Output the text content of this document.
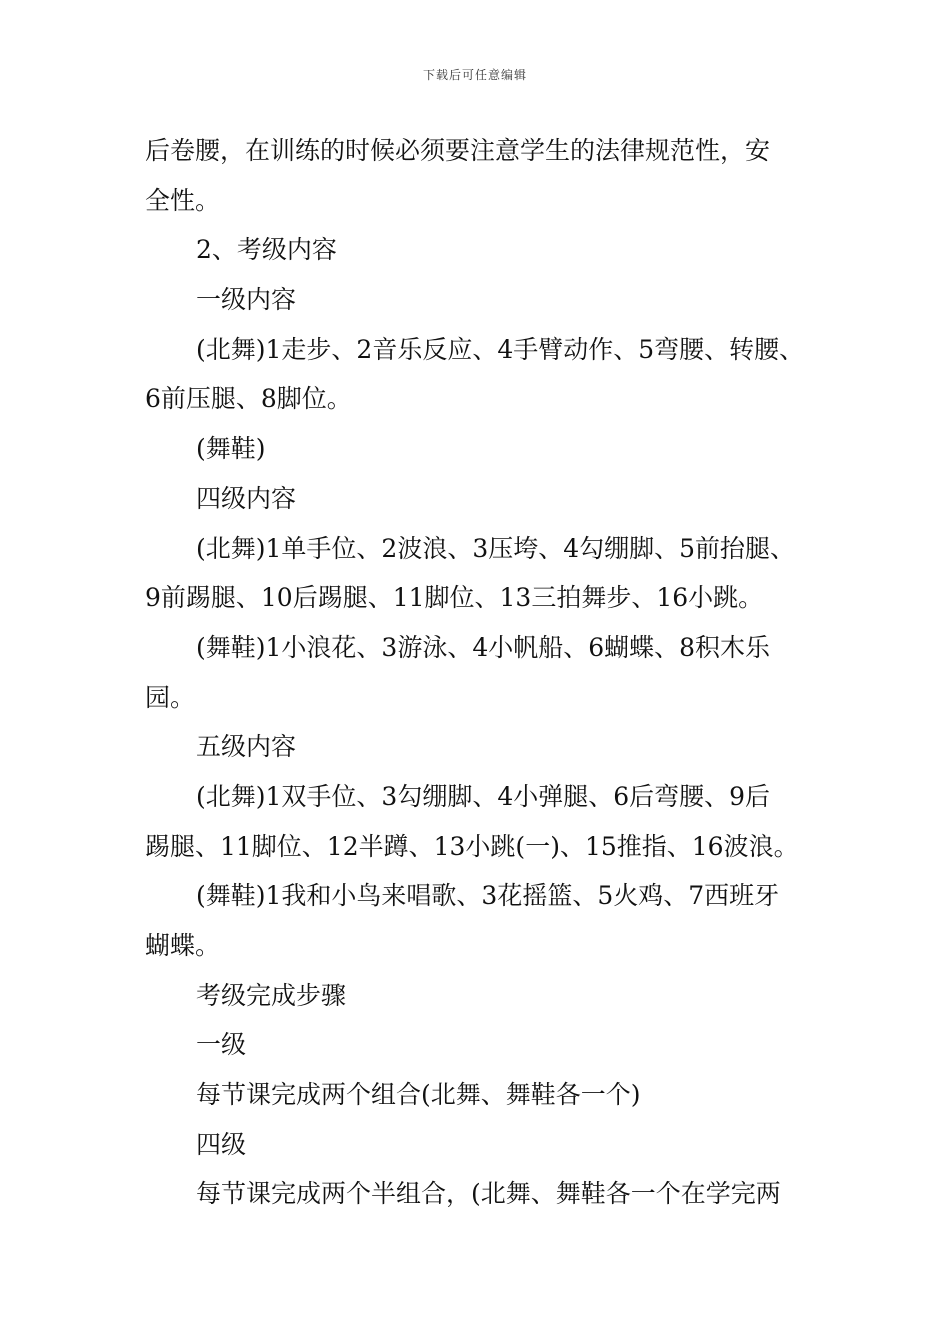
下载后可任意编辑
后卷腰，在训练的时候必须要注意学生的法律规范性，安
全性。
2、考级内容
一级内容
(北舞)1走步、2音乐反应、4手臂动作、5弯腰、转腰、
6前压腿、8脚位。
(舞鞋)
四级内容
(北舞)1单手位、2波浪、3压垮、4勾绷脚、5前抬腿、
9前踢腿、10后踢腿、11脚位、13三拍舞步、16小跳。
(舞鞋)1小浪花、3游泳、4小帆船、6蝴蝶、8积木乐
园。
五级内容
(北舞)1双手位、3勾绷脚、4小弹腿、6后弯腰、9后
踢腿、11脚位、12半蹲、13小跳(一)、15推指、16波浪。
(舞鞋)1我和小鸟来唱歌、3花摇篮、5火鸡、7西班牙
蝴蝶。
考级完成步骤
一级
每节课完成两个组合(北舞、舞鞋各一个)
四级
每节课完成两个半组合，(北舞、舞鞋各一个在学完两
